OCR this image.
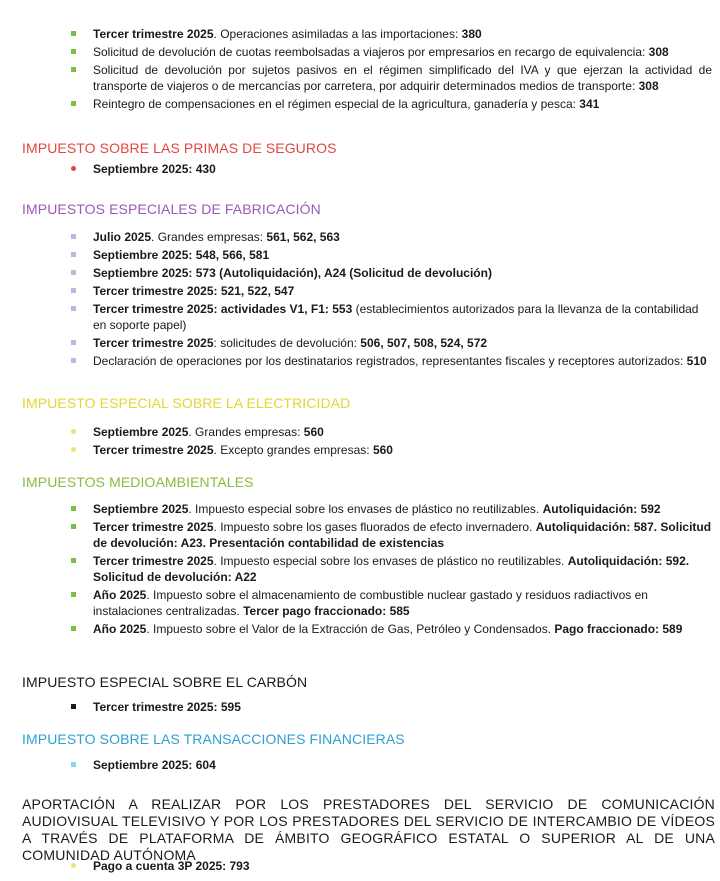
Tercer trimestre 2025. Operaciones asimiladas a las importaciones: 380
Solicitud de devolución de cuotas reembolsadas a viajeros por empresarios en recargo de equivalencia: 308
Solicitud de devolución por sujetos pasivos en el régimen simplificado del IVA y que ejerzan la actividad de transporte de viajeros o de mercancías por carretera, por adquirir determinados medios de transporte: 308
Reintegro de compensaciones en el régimen especial de la agricultura, ganadería y pesca: 341
IMPUESTO SOBRE LAS PRIMAS DE SEGUROS
Septiembre 2025: 430
IMPUESTOS ESPECIALES DE FABRICACIÓN
Julio 2025. Grandes empresas: 561, 562, 563
Septiembre 2025: 548, 566, 581
Septiembre 2025: 573 (Autoliquidación), A24 (Solicitud de devolución)
Tercer trimestre 2025: 521, 522, 547
Tercer trimestre 2025: actividades V1, F1: 553 (establecimientos autorizados para la llevanza de la contabilidad en soporte papel)
Tercer trimestre 2025: solicitudes de devolución: 506, 507, 508, 524, 572
Declaración de operaciones por los destinatarios registrados, representantes fiscales y receptores autorizados: 510
IMPUESTO ESPECIAL SOBRE LA ELECTRICIDAD
Septiembre 2025. Grandes empresas: 560
Tercer trimestre 2025. Excepto grandes empresas: 560
IMPUESTOS MEDIOAMBIENTALES
Septiembre 2025. Impuesto especial sobre los envases de plástico no reutilizables. Autoliquidación: 592
Tercer trimestre 2025. Impuesto sobre los gases fluorados de efecto invernadero. Autoliquidación: 587. Solicitud de devolución: A23. Presentación contabilidad de existencias
Tercer trimestre 2025. Impuesto especial sobre los envases de plástico no reutilizables. Autoliquidación: 592. Solicitud de devolución: A22
Año 2025. Impuesto sobre el almacenamiento de combustible nuclear gastado y residuos radiactivos en instalaciones centralizadas. Tercer pago fraccionado: 585
Año 2025. Impuesto sobre el Valor de la Extracción de Gas, Petróleo y Condensados. Pago fraccionado: 589
IMPUESTO ESPECIAL SOBRE EL CARBÓN
Tercer trimestre 2025: 595
IMPUESTO SOBRE LAS TRANSACCIONES FINANCIERAS
Septiembre 2025: 604
APORTACIÓN A REALIZAR POR LOS PRESTADORES DEL SERVICIO DE COMUNICACIÓN AUDIOVISUAL TELEVISIVO Y POR LOS PRESTADORES DEL SERVICIO DE INTERCAMBIO DE VÍDEOS A TRAVÉS DE PLATAFORMA DE ÁMBITO GEOGRÁFICO ESTATAL O SUPERIOR AL DE UNA COMUNIDAD AUTÓNOMA
Pago a cuenta 3P 2025: 793
